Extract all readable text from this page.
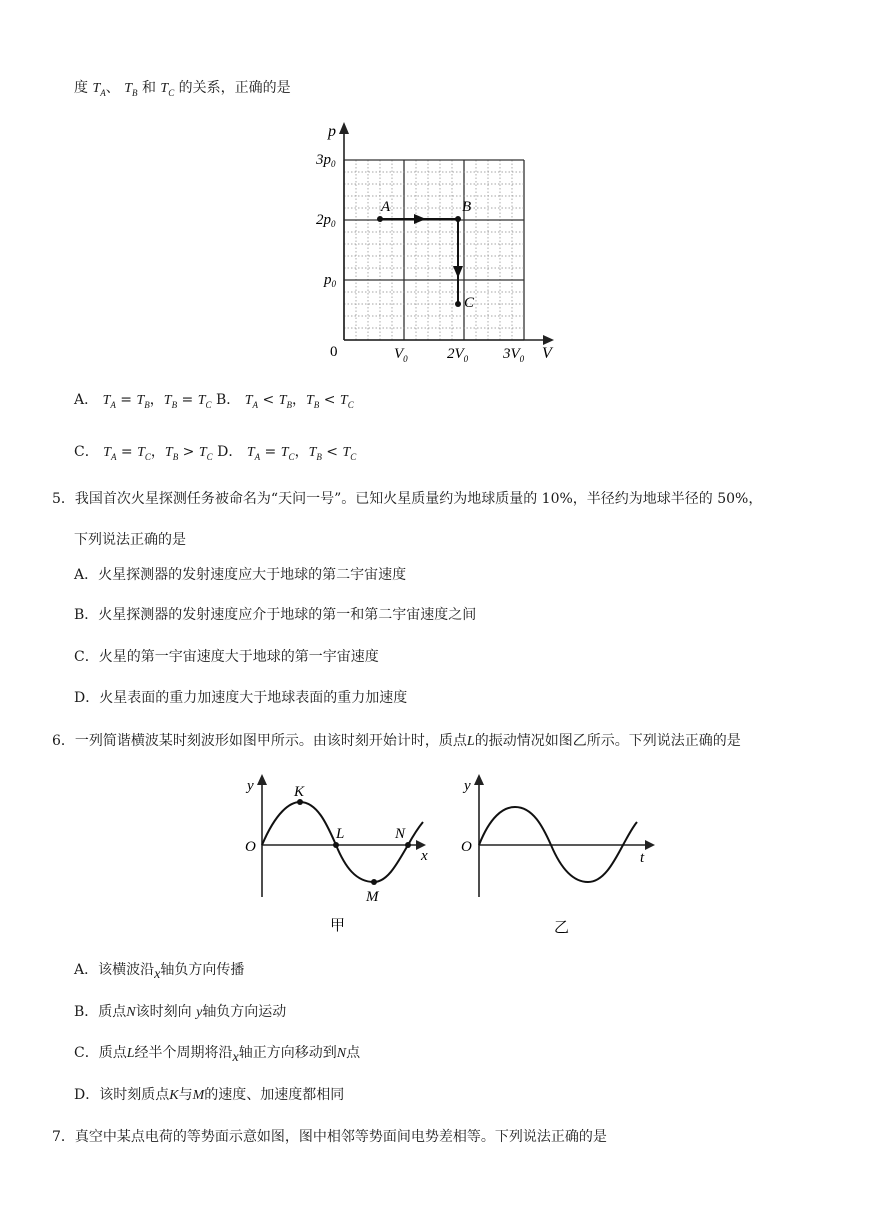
度 $T_A$、 $T_B$ 和 $T_C$ 的关系，正确的是
p
V
0
$3p_0$
$2p_0$
$p_0$
$V_0$	$2V_0$ $3V_0$
A	B
C
A． $T_A = T_B$，$T_B = T_C$ B． $T_A < T_B$，$T_B < T_C$
C． $T_A = T_C$，$T_B > T_C$ D． $T_A = T_C$，$T_B < T_C$
5．我国首次火星探测任务被命名为“天问一号”。已知火星质量约为地球质量的 10%，半径约为地球半径的 50%，
下列说法正确的是
A．火星探测器的发射速度应大于地球的第二宇宙速度
B．火星探测器的发射速度应介于地球的第一和第二宇宙速度之间
C．火星的第一宇宙速度大于地球的第一宇宙速度
D．火星表面的重力加速度大于地球表面的重力加速度
6．一列简谐横波某时刻波形如图甲所示。由该时刻开始计时，质点L的振动情况如图乙所示。下列说法正确的是
y
x
O
K
L
M
N
甲
y
t
O
乙
A．该横波沿x轴负方向传播
B．质点N该时刻向 y轴负方向运动
C．质点L经半个周期将沿x轴正方向移动到N点
D．该时刻质点K与M的速度、加速度都相同
7．真空中某点电荷的等势面示意如图，图中相邻等势面间电势差相等。下列说法正确的是
